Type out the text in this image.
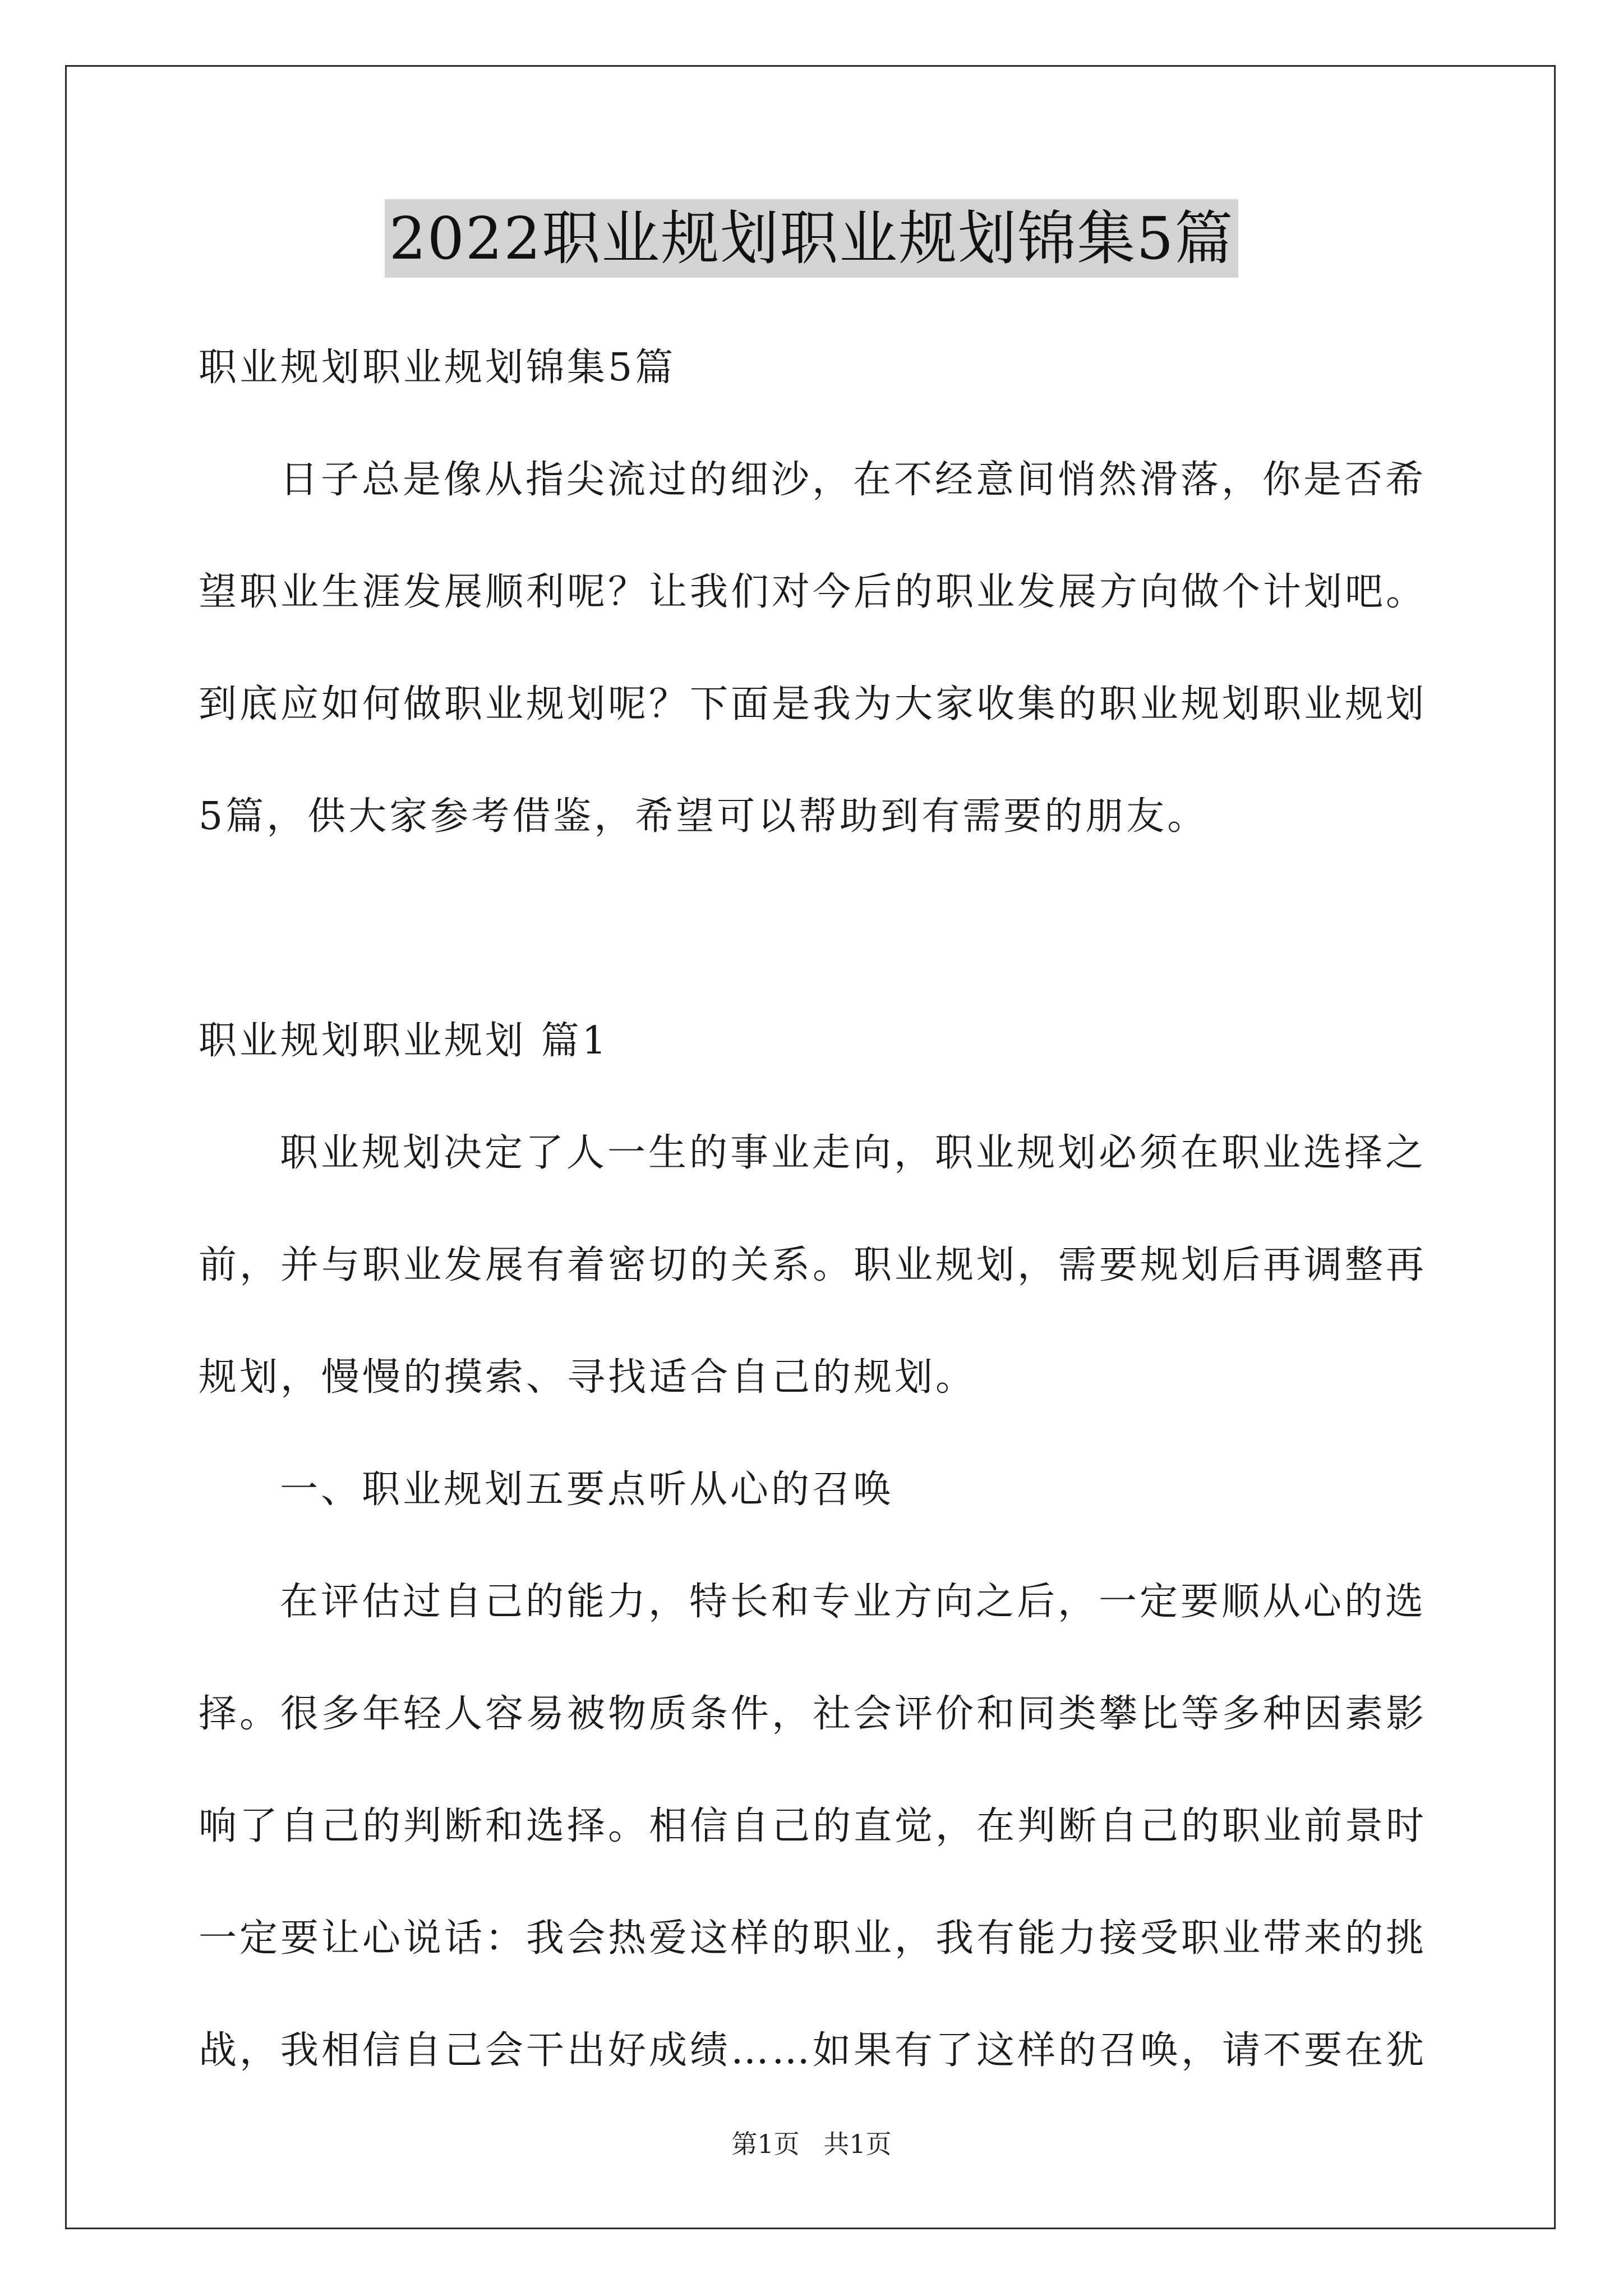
2022职业规划职业规划锦集5篇
职业规划职业规划锦集5篇
日子总是像从指尖流过的细沙，在不经意间悄然滑落，你是否希
望职业生涯发展顺利呢？让我们对今后的职业发展方向做个计划吧。
到底应如何做职业规划呢？下面是我为大家收集的职业规划职业规划
5篇，供大家参考借鉴，希望可以帮助到有需要的朋友。
职业规划职业规划 篇1
职业规划决定了人一生的事业走向，职业规划必须在职业选择之
前，并与职业发展有着密切的关系。职业规划，需要规划后再调整再
规划，慢慢的摸索、寻找适合自己的规划。
一、职业规划五要点听从心的召唤
在评估过自己的能力，特长和专业方向之后，一定要顺从心的选
择。很多年轻人容易被物质条件，社会评价和同类攀比等多种因素影
响了自己的判断和选择。相信自己的直觉，在判断自己的职业前景时
一定要让心说话：我会热爱这样的职业，我有能力接受职业带来的挑
战，我相信自己会干出好成绩……如果有了这样的召唤，请不要在犹
第1页 共1页
